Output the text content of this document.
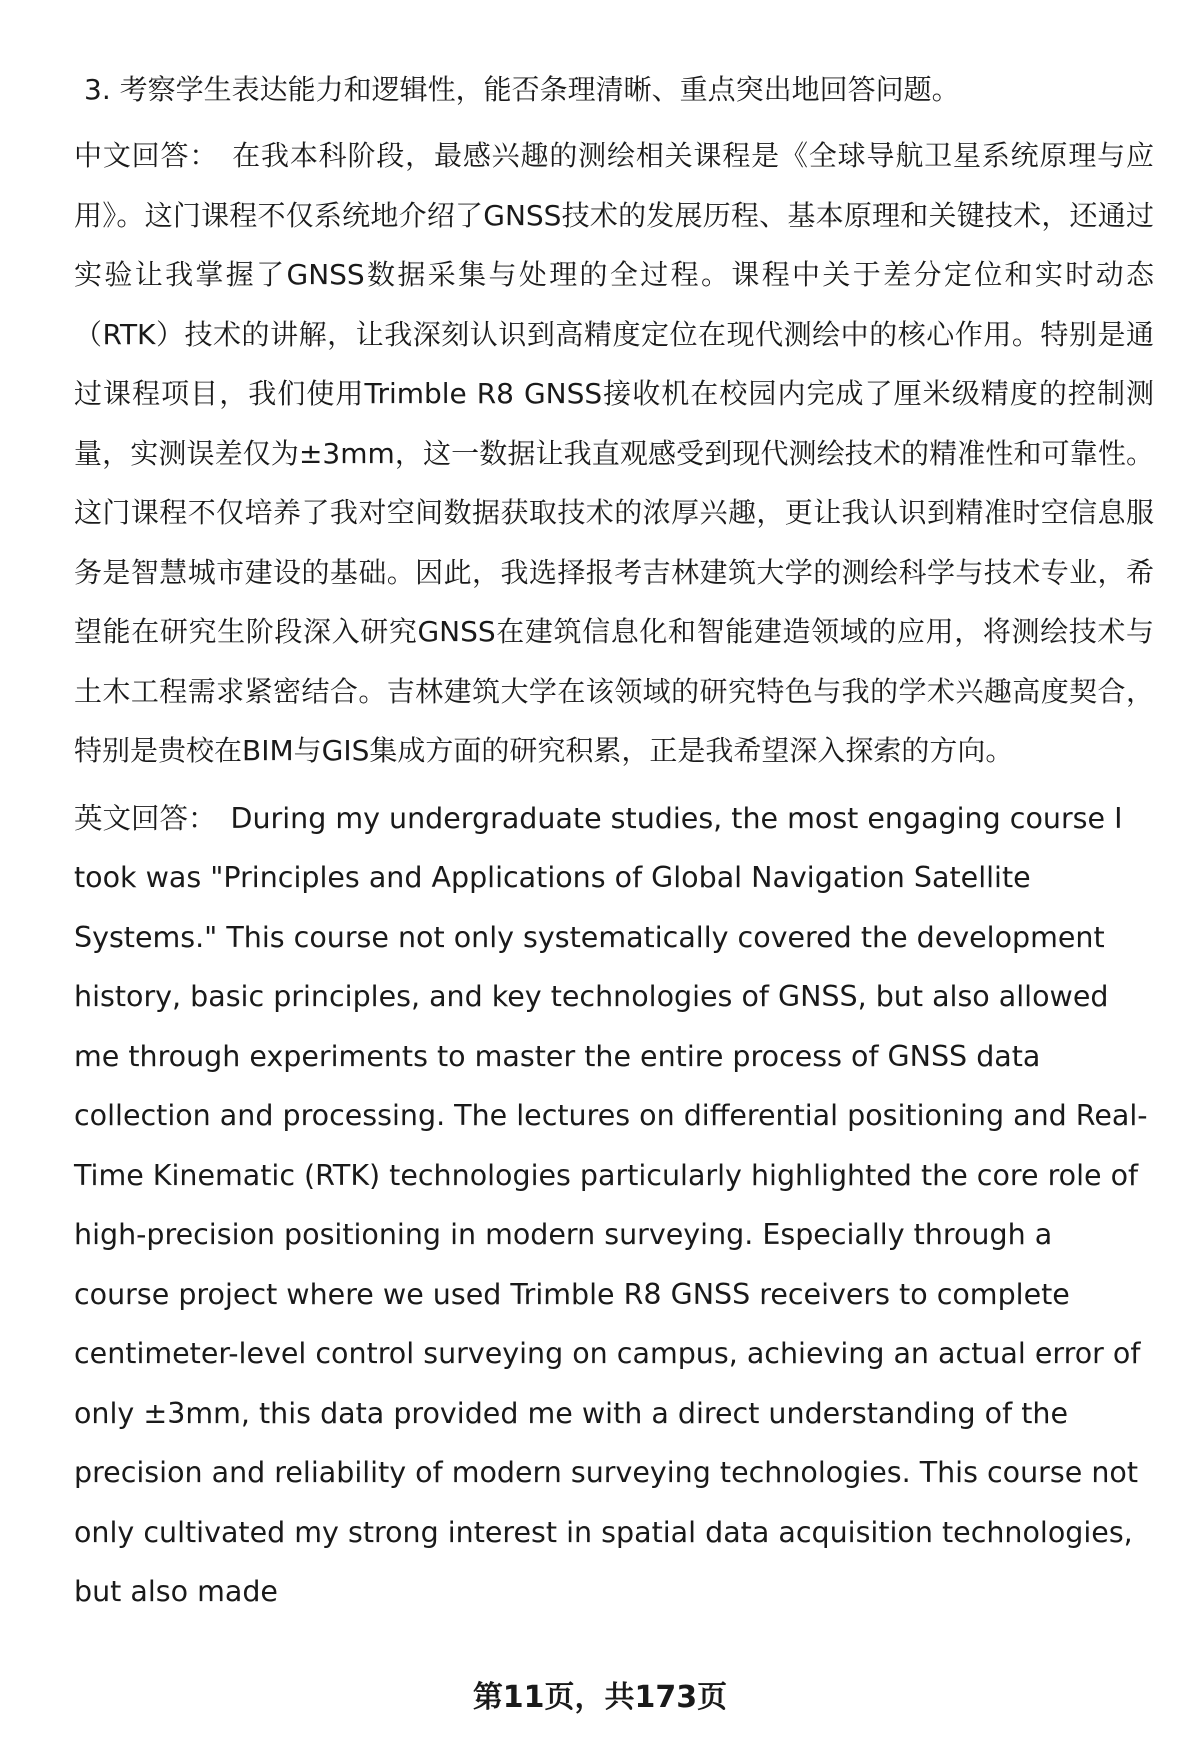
3. 考察学生表达能力和逻辑性，能否条理清晰、重点突出地回答问题。
中文回答： 在我本科阶段，最感兴趣的测绘相关课程是《全球导航卫星系统原理与应用》。这门课程不仅系统地介绍了GNSS技术的发展历程、基本原理和关键技术，还通过实验让我掌握了GNSS数据采集与处理的全过程。课程中关于差分定位和实时动态（RTK）技术的讲解，让我深刻认识到高精度定位在现代测绘中的核心作用。特别是通过课程项目，我们使用Trimble R8 GNSS接收机在校园内完成了厘米级精度的控制测量，实测误差仅为±3mm，这一数据让我直观感受到现代测绘技术的精准性和可靠性。这门课程不仅培养了我对空间数据获取技术的浓厚兴趣，更让我认识到精准时空信息服务是智慧城市建设的基础。因此，我选择报考吉林建筑大学的测绘科学与技术专业，希望能在研究生阶段深入研究GNSS在建筑信息化和智能建造领域的应用，将测绘技术与土木工程需求紧密结合。吉林建筑大学在该领域的研究特色与我的学术兴趣高度契合，特别是贵校在BIM与GIS集成方面的研究积累，正是我希望深入探索的方向。
英文回答： During my undergraduate studies, the most engaging course I took was "Principles and Applications of Global Navigation Satellite Systems." This course not only systematically covered the development history, basic principles, and key technologies of GNSS, but also allowed me through experiments to master the entire process of GNSS data collection and processing. The lectures on differential positioning and Real-Time Kinematic (RTK) technologies particularly highlighted the core role of high-precision positioning in modern surveying. Especially through a course project where we used Trimble R8 GNSS receivers to complete centimeter-level control surveying on campus, achieving an actual error of only ±3mm, this data provided me with a direct understanding of the precision and reliability of modern surveying technologies. This course not only cultivated my strong interest in spatial data acquisition technologies, but also made
第11页，共173页
